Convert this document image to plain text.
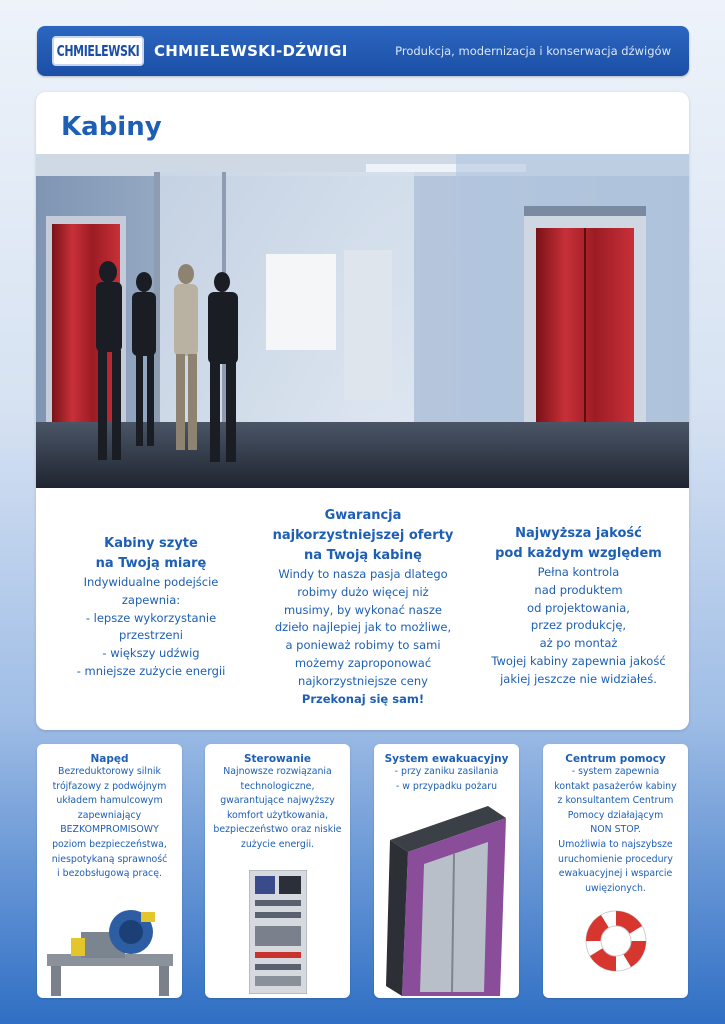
CHMIELEWSKI CHMIELEWSKI-DŹWIGI	Produkcja, modernizacja i konserwacja dźwigów
Kabiny
Kabiny szyte
na Twoją miarę

Indywidualne podejście
zapewnia:
- lepsze wykorzystanie
przestrzeni
- większy udźwig
- mniejsze zużycie energii

Gwarancja
najkorzystniejszej oferty
na Twoją kabinę

Windy to nasza pasja dlatego
robimy dużo więcej niż
musimy, by wykonać nasze
dzieło najlepiej jak to możliwe,
a ponieważ robimy to sami
możemy zaproponować
najkorzystniejsze ceny
Przekonaj się sam!

Najwyższa jakość
pod każdym względem

Pełna kontrola
nad produktem
od projektowania,
przez produkcję,
aż po montaż
Twojej kabiny zapewnia jakość
jakiej jeszcze nie widziałeś.

Napęd

Bezreduktorowy silnik
trójfazowy z podwójnym
układem hamulcowym
zapewniający
BEZKOMPROMISOWY
poziom bezpieczeństwa,
niespotykaną sprawność
i bezobsługową pracę.

Sterowanie

Najnowsze rozwiązania
technologiczne,
gwarantujące najwyższy
komfort użytkowania,
bezpieczeństwo oraz niskie
zużycie energii.

System ewakuacyjny

- przy zaniku zasilania
- w przypadku pożaru

Centrum pomocy

- system zapewnia
kontakt pasażerów kabiny
z konsultantem Centrum
Pomocy działającym
NON STOP.
Umożliwia to najszybsze
uruchomienie procedury
ewakuacyjnej i wsparcie
uwięzionych.
